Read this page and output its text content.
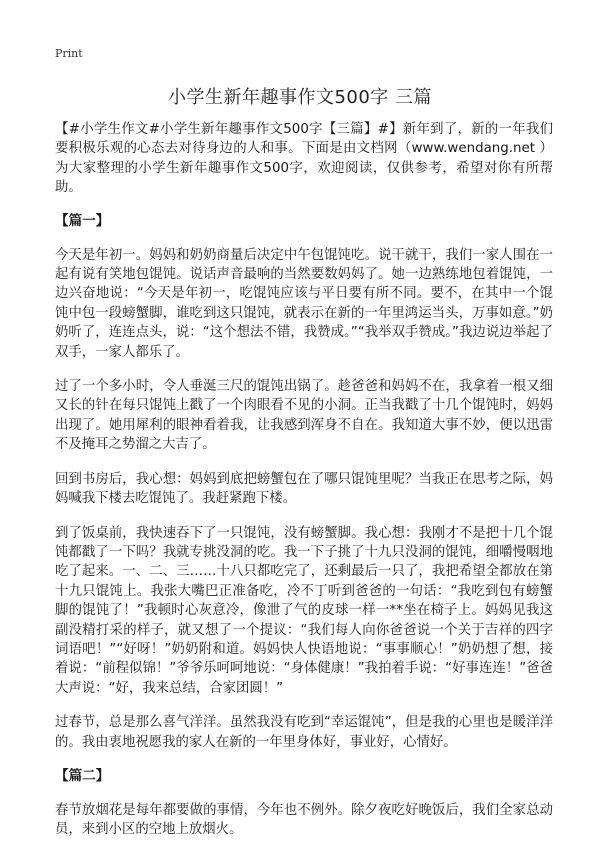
Print
小学生新年趣事作文500字 三篇

【#小学生作文#小学生新年趣事作文500字【三篇】#】新年到了，新的一年我们要积极乐观的心态去对待身边的人和事。下面是由文档网（www.wendang.net ）为大家整理的小学生新年趣事作文500字，欢迎阅读，仅供参考，希望对你有所帮助。

【篇一】

今天是年初一。妈妈和奶奶商量后决定中午包馄饨吃。说干就干，我们一家人围在一起有说有笑地包馄饨。说话声音最响的当然要数妈妈了。她一边熟练地包着馄饨，一边兴奋地说：“今天是年初一，吃馄饨应该与平日要有所不同。要不，在其中一个馄饨中包一段螃蟹脚，谁吃到这只馄饨，就表示在新的一年里鸿运当头，万事如意。”奶奶听了，连连点头，说：“这个想法不错，我赞成。”“我举双手赞成。”我边说边举起了双手，一家人都乐了。

过了一个多小时，令人垂涎三尺的馄饨出锅了。趁爸爸和妈妈不在，我拿着一根又细又长的针在每只馄饨上戳了一个肉眼看不见的小洞。正当我戳了十几个馄饨时，妈妈出现了。她用犀利的眼神看着我，让我感到浑身不自在。我知道大事不妙，便以迅雷不及掩耳之势溜之大吉了。

回到书房后，我心想：妈妈到底把螃蟹包在了哪只馄饨里呢？当我正在思考之际，妈妈喊我下楼去吃馄饨了。我赶紧跑下楼。

到了饭桌前，我快速吞下了一只馄饨，没有螃蟹脚。我心想：我刚才不是把十几个馄饨都戳了一下吗？我就专挑没洞的吃。我一下子挑了十九只没洞的馄饨，细嚼慢咽地吃了起来。一、二、三……十八只都吃完了，还剩最后一只了，我把希望全都放在第十九只馄饨上。我张大嘴巴正准备吃，冷不丁听到爸爸的一句话：“我吃到包有螃蟹脚的馄饨了！”我顿时心灰意冷，像泄了气的皮球一样一**坐在椅子上。妈妈见我这副没精打采的样子，就又想了一个提议：“我们每人向你爸爸说一个关于吉祥的四字词语吧！”“好呀！”奶奶附和道。妈妈快人快语地说：“事事顺心！”奶奶想了想，接着说：“前程似锦！”爷爷乐呵呵地说：“身体健康！”我拍着手说：“好事连连！”爸爸大声说：“好，我来总结，合家团圆！”

过春节，总是那么喜气洋洋。虽然我没有吃到“幸运馄饨”，但是我的心里也是暖洋洋的。我由衷地祝愿我的家人在新的一年里身体好，事业好，心情好。

【篇二】

春节放烟花是每年都要做的事情，今年也不例外。除夕夜吃好晚饭后，我们全家总动员，来到小区的空地上放烟火。
